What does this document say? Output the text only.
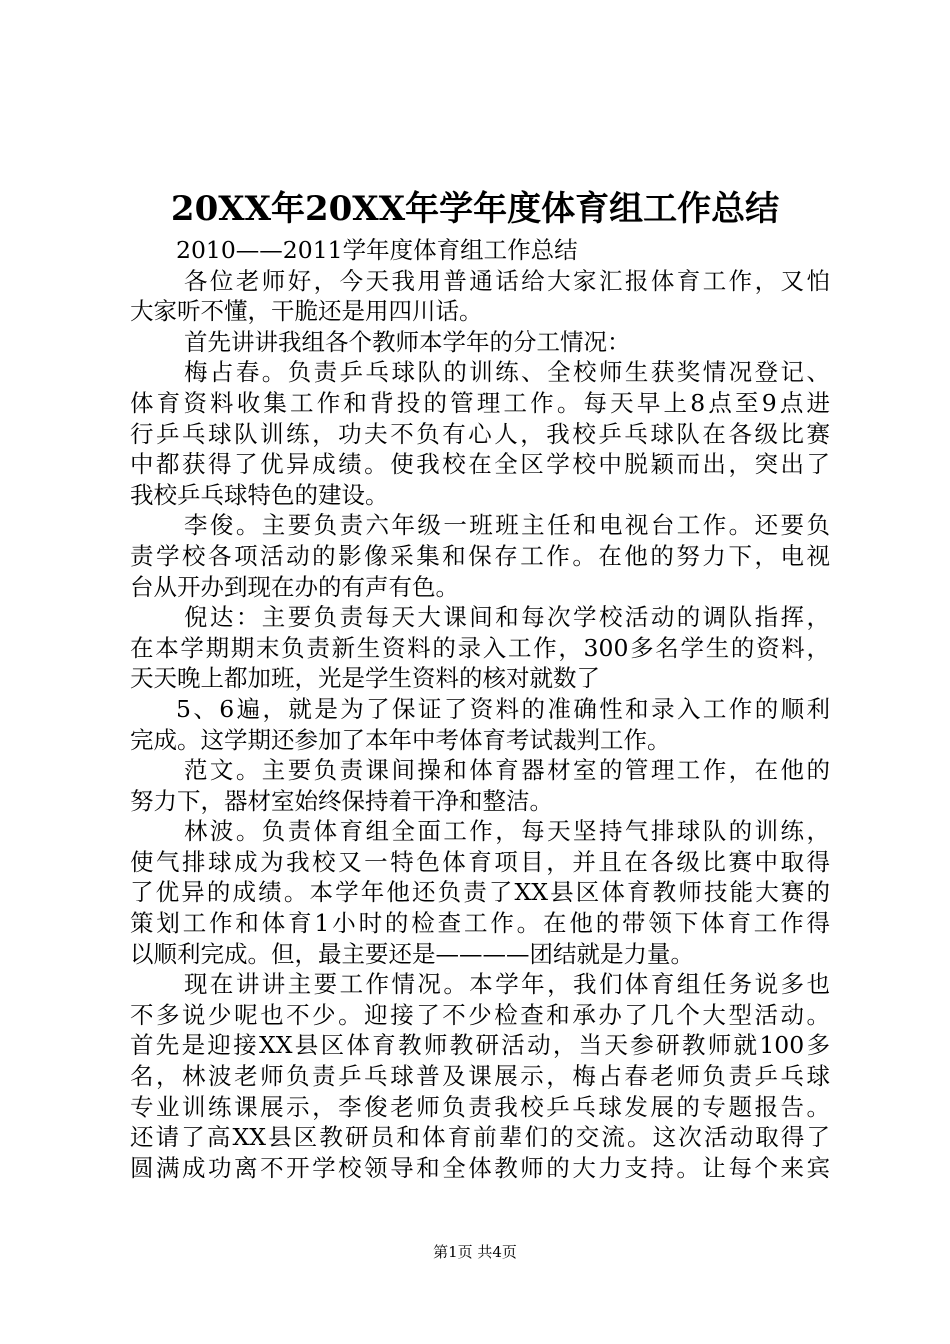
20XX年20XX年学年度体育组工作总结
2010——2011学年度体育组工作总结
各位老师好，今天我用普通话给大家汇报体育工作，又怕
大家听不懂，干脆还是用四川话。
首先讲讲我组各个教师本学年的分工情况：
梅占春。负责乒乓球队的训练、全校师生获奖情况登记、
体育资料收集工作和背投的管理工作。每天早上8点至9点进
行乒乓球队训练，功夫不负有心人，我校乒乓球队在各级比赛
中都获得了优异成绩。使我校在全区学校中脱颖而出，突出了
我校乒乓球特色的建设。
李俊。主要负责六年级一班班主任和电视台工作。还要负
责学校各项活动的影像采集和保存工作。在他的努力下，电视
台从开办到现在办的有声有色。
倪达：主要负责每天大课间和每次学校活动的调队指挥，
在本学期期末负责新生资料的录入工作，300多名学生的资料，
天天晚上都加班，光是学生资料的核对就数了
5、6遍，就是为了保证了资料的准确性和录入工作的顺利
完成。这学期还参加了本年中考体育考试裁判工作。
范文。主要负责课间操和体育器材室的管理工作，在他的
努力下，器材室始终保持着干净和整洁。
林波。负责体育组全面工作，每天坚持气排球队的训练，
使气排球成为我校又一特色体育项目，并且在各级比赛中取得
了优异的成绩。本学年他还负责了XX县区体育教师技能大赛的
策划工作和体育1小时的检查工作。在他的带领下体育工作得
以顺利完成。但，最主要还是————团结就是力量。
现在讲讲主要工作情况。本学年，我们体育组任务说多也
不多说少呢也不少。迎接了不少检查和承办了几个大型活动。
首先是迎接XX县区体育教师教研活动，当天参研教师就100多
名，林波老师负责乒乓球普及课展示，梅占春老师负责乒乓球
专业训练课展示，李俊老师负责我校乒乓球发展的专题报告。
还请了高XX县区教研员和体育前辈们的交流。这次活动取得了
圆满成功离不开学校领导和全体教师的大力支持。让每个来宾
第1页 共4页
